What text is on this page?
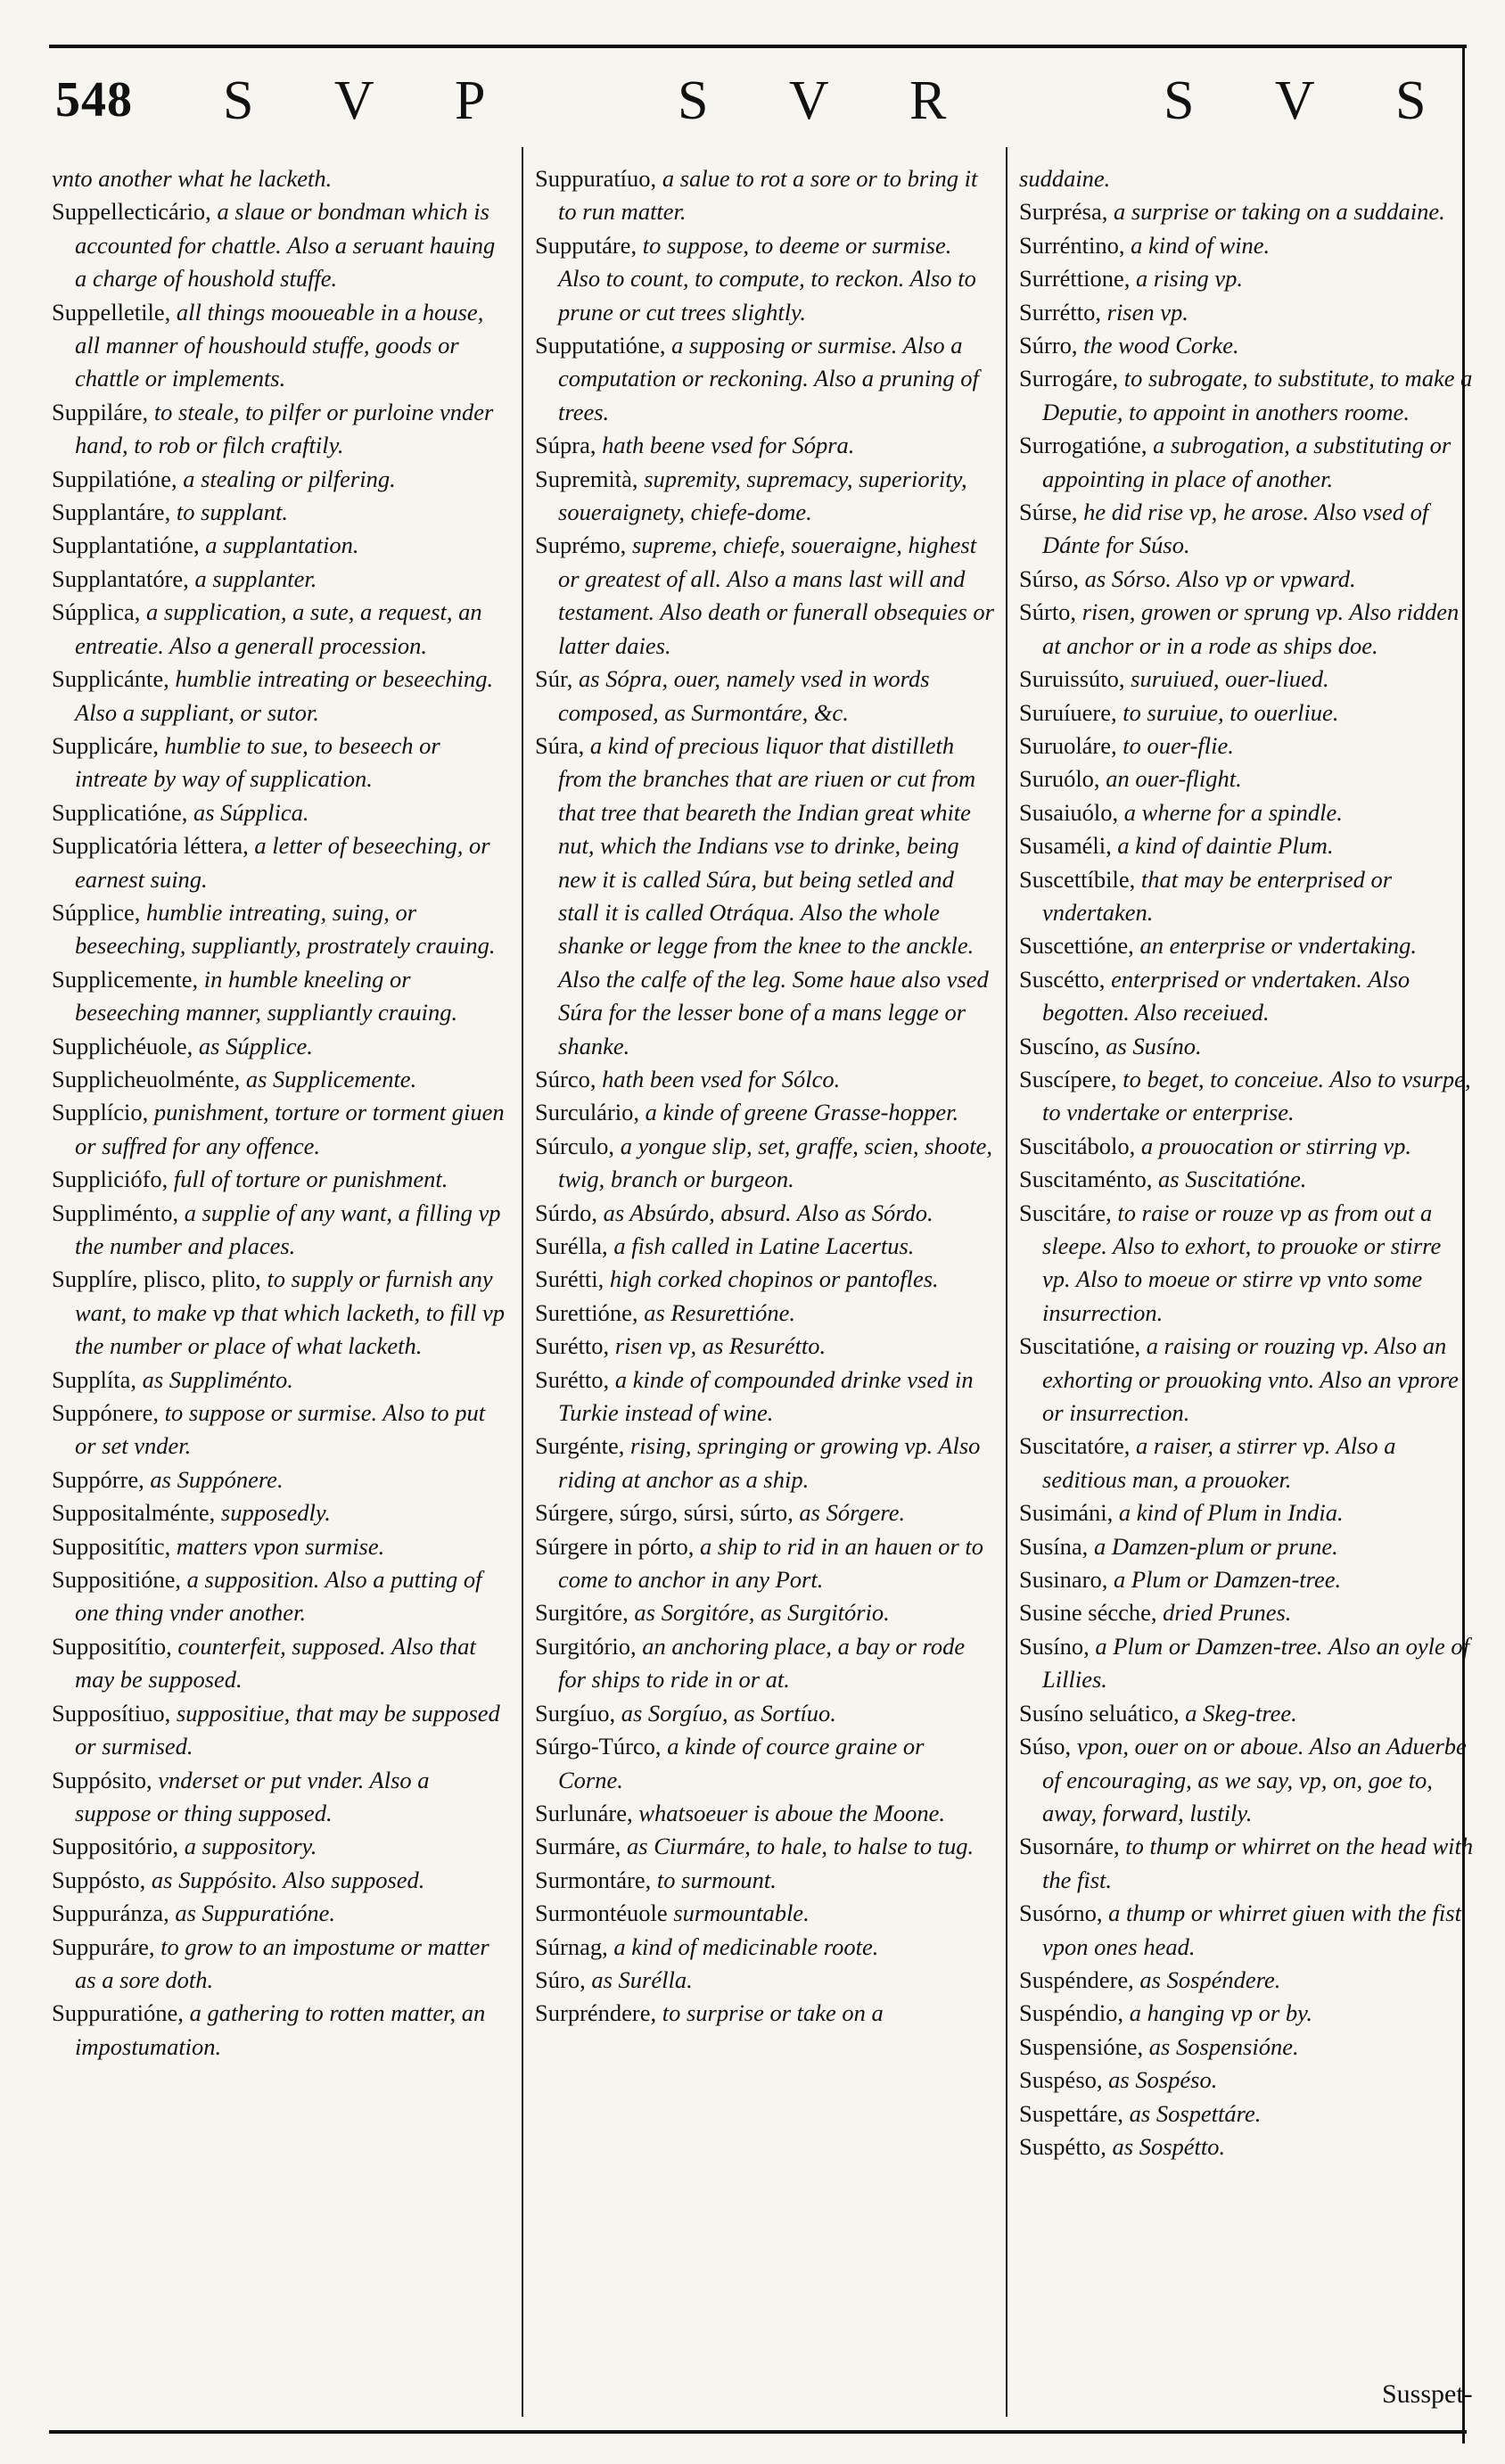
548 S V P	S V R	S V S

vnto another what he lacketh.

Suppellecticário, a slaue or bondman which is accounted for chattle. Also a seruant hauing a charge of houshold stuffe.

Suppelletile, all things mooueable in a house, all manner of houshould stuffe, goods or chattle or implements.

Suppiláre, to steale, to pilfer or purloine vnder hand, to rob or filch craftily.

Suppilatióne, a stealing or pilfering.

Supplantáre, to supplant.

Supplantatióne, a supplantation.

Supplantatóre, a supplanter.

Súpplica, a supplication, a sute, a request, an entreatie. Also a generall procession.

Supplicánte, humblie intreating or beseeching. Also a suppliant, or sutor.

Supplicáre, humblie to sue, to beseech or intreate by way of supplication.

Supplicatióne, as Súpplica.

Supplicatória léttera, a letter of beseeching, or earnest suing.

Súpplice, humblie intreating, suing, or beseeching, suppliantly, prostrately crauing.

Supplicemente, in humble kneeling or beseeching manner, suppliantly crauing.

Supplichéuole, as Súpplice.

Supplicheuolménte, as Supplicemente.

Supplício, punishment, torture or torment giuen or suffred for any offence.

Suppliciófo, full of torture or punishment.

Suppliménto, a supplie of any want, a filling vp the number and places.

Supplíre, plisco, plito, to supply or furnish any want, to make vp that which lacketh, to fill vp the number or place of what lacketh.

Supplíta, as Suppliménto.

Suppónere, to suppose or surmise. Also to put or set vnder.

Suppórre, as Suppónere.

Suppositalménte, supposedly.

Suppositític, matters vpon surmise.

Suppositióne, a supposition. Also a putting of one thing vnder another.

Suppositítio, counterfeit, supposed. Also that may be supposed.

Supposítiuo, suppositiue, that may be supposed or surmised.

Suppósito, vnderset or put vnder. Also a suppose or thing supposed.

Suppositório, a suppository.

Suppósto, as Suppósito. Also supposed.

Suppuránza, as Suppuratióne.

Suppuráre, to grow to an impostume or matter as a sore doth.

Suppuratióne, a gathering to rotten matter, an impostumation.

Suppuratíuo, a salue to rot a sore or to bring it to run matter.

Supputáre, to suppose, to deeme or surmise. Also to count, to compute, to reckon. Also to prune or cut trees slightly.

Supputatióne, a supposing or surmise. Also a computation or reckoning. Also a pruning of trees.

Súpra, hath beene vsed for Sópra.

Supremità, supremity, supremacy, superiority, soueraignety, chiefe-dome.

Suprémo, supreme, chiefe, soueraigne, highest or greatest of all. Also a mans last will and testament. Also death or funerall obsequies or latter daies.

Súr, as Sópra, ouer, namely vsed in words composed, as Surmontáre, &c.

Súra, a kind of precious liquor that distilleth from the branches that are riuen or cut from that tree that beareth the Indian great white nut, which the Indians vse to drinke, being new it is called Súra, but being setled and stall it is called Otráqua. Also the whole shanke or legge from the knee to the anckle. Also the calfe of the leg. Some haue also vsed Súra for the lesser bone of a mans legge or shanke.

Súrco, hath been vsed for Sólco.

Surculário, a kinde of greene Grasse-hopper.

Súrculo, a yongue slip, set, graffe, scien, shoote, twig, branch or burgeon.

Súrdo, as Absúrdo, absurd. Also as Sórdo.

Surélla, a fish called in Latine Lacertus.

Surétti, high corked chopinos or pantofles.

Surettióne, as Resurettióne.

Surétto, risen vp, as Resurétto.

Surétto, a kinde of compounded drinke vsed in Turkie instead of wine.

Surgénte, rising, springing or growing vp. Also riding at anchor as a ship.

Súrgere, súrgo, súrsi, súrto, as Sórgere.

Súrgere in pórto, a ship to rid in an hauen or to come to anchor in any Port.

Surgitóre, as Sorgitóre, as Surgitório.

Surgitório, an anchoring place, a bay or rode for ships to ride in or at.

Surgíuo, as Sorgíuo, as Sortíuo.

Súrgo-Túrco, a kinde of cource graine or Corne.

Surlunáre, whatsoeuer is aboue the Moone.

Surmáre, as Ciurmáre, to hale, to halse to tug.

Surmontáre, to surmount.

Surmontéuole surmountable.

Súrnag, a kind of medicinable roote.

Súro, as Surélla.

Surpréndere, to surprise or take on a

suddaine.

Surprésa, a surprise or taking on a suddaine.

Surréntino, a kind of wine.

Surréttione, a rising vp.

Surrétto, risen vp.

Súrro, the wood Corke.

Surrogáre, to subrogate, to substitute, to make a Deputie, to appoint in anothers roome.

Surrogatióne, a subrogation, a substituting or appointing in place of another.

Súrse, he did rise vp, he arose. Also vsed of Dánte for Súso.

Súrso, as Sórso. Also vp or vpward.

Súrto, risen, growen or sprung vp. Also ridden at anchor or in a rode as ships doe.

Suruissúto, suruiued, ouer-liued.

Suruíuere, to suruiue, to ouerliue.

Suruoláre, to ouer-flie.

Suruólo, an ouer-flight.

Susaiuólo, a wherne for a spindle.

Susaméli, a kind of daintie Plum.

Suscettíbile, that may be enterprised or vndertaken.

Suscettióne, an enterprise or vndertaking.

Suscétto, enterprised or vndertaken. Also begotten. Also receiued.

Suscíno, as Susíno.

Suscípere, to beget, to conceiue. Also to vsurpe, to vndertake or enterprise.

Suscitábolo, a prouocation or stirring vp.

Suscitaménto, as Suscitatióne.

Suscitáre, to raise or rouze vp as from out a sleepe. Also to exhort, to prouoke or stirre vp. Also to moeue or stirre vp vnto some insurrection.

Suscitatióne, a raising or rouzing vp. Also an exhorting or prouoking vnto. Also an vprore or insurrection.

Suscitatóre, a raiser, a stirrer vp. Also a seditious man, a prouoker.

Susimáni, a kind of Plum in India.

Susína, a Damzen-plum or prune.

Susinaro, a Plum or Damzen-tree.

Susine sécche, dried Prunes.

Susíno, a Plum or Damzen-tree. Also an oyle of Lillies.

Susíno seluático, a Skeg-tree.

Súso, vpon, ouer on or aboue. Also an Aduerbe of encouraging, as we say, vp, on, goe to, away, forward, lustily.

Susornáre, to thump or whirret on the head with the fist.

Susórno, a thump or whirret giuen with the fist vpon ones head.

Suspéndere, as Sospéndere.

Suspéndio, a hanging vp or by.

Suspensióne, as Sospensióne.

Suspéso, as Sospéso.

Suspettáre, as Sospettáre.

Suspétto, as Sospétto.

Susspet-
